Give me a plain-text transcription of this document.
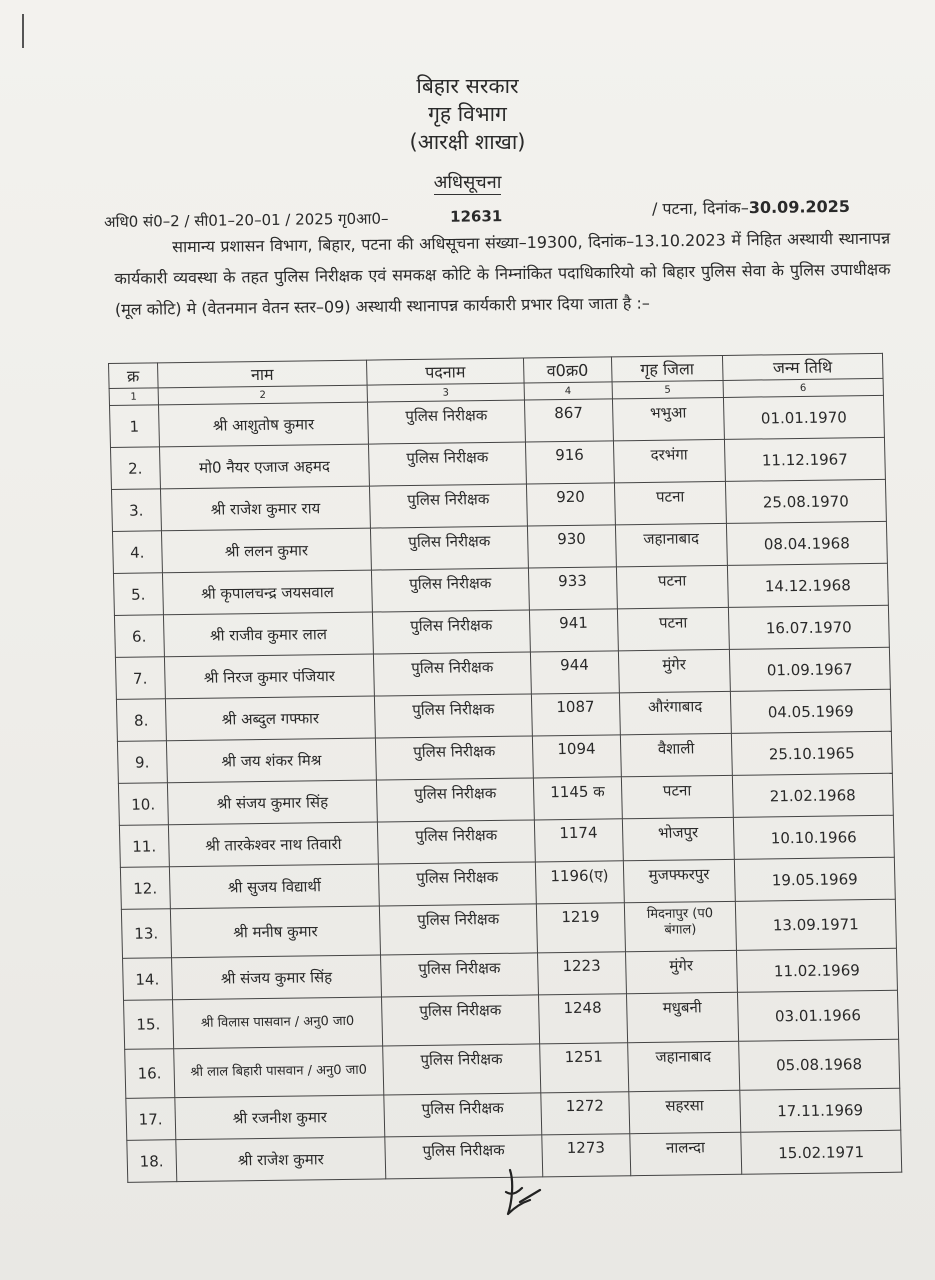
बिहार सरकार
गृह विभाग
(आरक्षी शाखा)
अधिसूचना
अधि0 सं0–2 / सी01–20–01 / 2025 गृ0आ0–	12631	/ पटना, दिनांक–30.09.2025
सामान्य प्रशासन विभाग, बिहार, पटना की अधिसूचना संख्या–19300, दिनांक–13.10.2023 में निहित अस्थायी स्थानापन्न कार्यकारी व्यवस्था के तहत पुलिस निरीक्षक एवं समकक्ष कोटि के निम्नांकित पदाधिकारियो को बिहार पुलिस सेवा के पुलिस उपाधीक्षक (मूल कोटि) मे (वेतनमान वेतन स्तर–09) अस्थायी स्थानापन्न कार्यकारी प्रभार दिया जाता है :–
क्र	नाम	पदनाम	व0क्र0	गृह जिला	जन्म तिथि
1	2	3	4	5	6
1	श्री आशुतोष कुमार	पुलिस निरीक्षक	867	भभुआ	01.01.1970
2.	मो0 नैयर एजाज अहमद	पुलिस निरीक्षक	916	दरभंगा	11.12.1967
3.	श्री राजेश कुमार राय	पुलिस निरीक्षक	920	पटना	25.08.1970
4.	श्री ललन कुमार	पुलिस निरीक्षक	930	जहानाबाद	08.04.1968
5.	श्री कृपालचन्द्र जयसवाल	पुलिस निरीक्षक	933	पटना	14.12.1968
6.	श्री राजीव कुमार लाल	पुलिस निरीक्षक	941	पटना	16.07.1970
7.	श्री निरज कुमार पंजियार	पुलिस निरीक्षक	944	मुंगेर	01.09.1967
8.	श्री अब्दुल गफ्फार	पुलिस निरीक्षक	1087	औरंगाबाद	04.05.1969
9.	श्री जय शंकर मिश्र	पुलिस निरीक्षक	1094	वैशाली	25.10.1965
10.	श्री संजय कुमार सिंह	पुलिस निरीक्षक	1145 क	पटना	21.02.1968
11.	श्री तारकेश्वर नाथ तिवारी	पुलिस निरीक्षक	1174	भोजपुर	10.10.1966
12.	श्री सुजय विद्यार्थी	पुलिस निरीक्षक	1196(ए)	मुजफ्फरपुर	19.05.1969
13.	श्री मनीष कुमार	पुलिस निरीक्षक	1219	मिदनापुर (प0 बंगाल)	13.09.1971
14.	श्री संजय कुमार सिंह	पुलिस निरीक्षक	1223	मुंगेर	11.02.1969
15.	श्री विलास पासवान / अनु0 जा0	पुलिस निरीक्षक	1248	मधुबनी	03.01.1966
16.	श्री लाल बिहारी पासवान / अनु0 जा0	पुलिस निरीक्षक	1251	जहानाबाद	05.08.1968
17.	श्री रजनीश कुमार	पुलिस निरीक्षक	1272	सहरसा	17.11.1969
18.	श्री राजेश कुमार	पुलिस निरीक्षक	1273	नालन्दा	15.02.1971
